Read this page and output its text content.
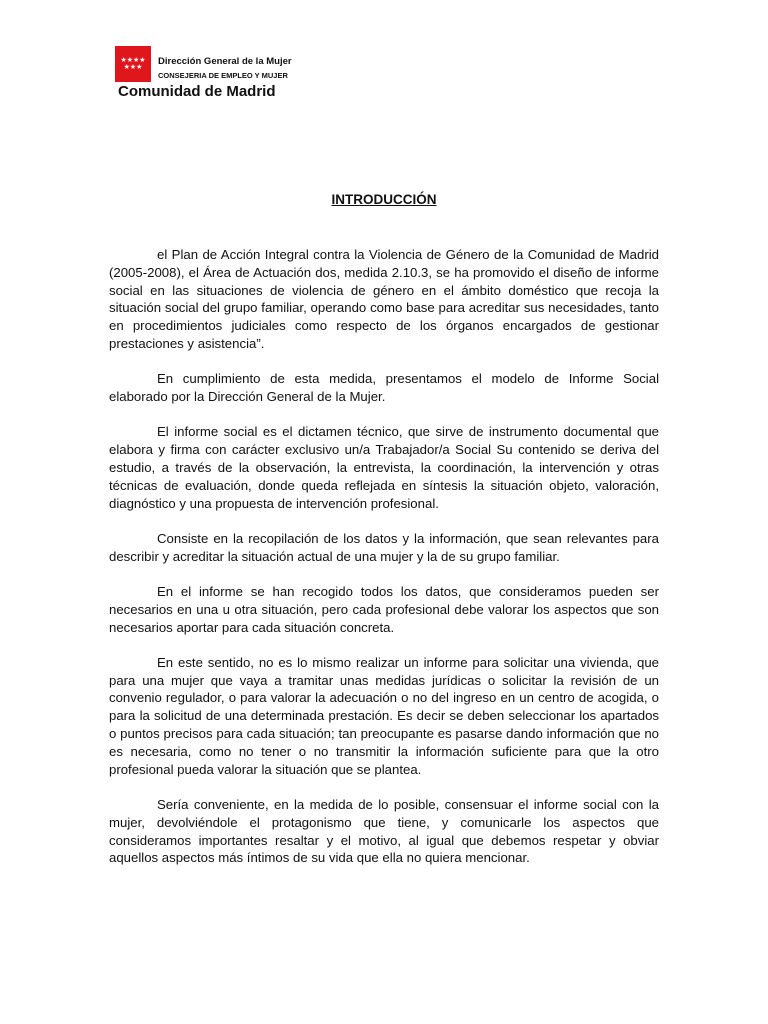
★★★★ ★★★	Dirección General de la Mujer
CONSEJERIA DE EMPLEO Y MUJER
Comunidad de Madrid
INTRODUCCIÓN

el Plan de Acción Integral contra la Violencia de Género de la Comunidad de Madrid (2005-2008), el Área de Actuación dos, medida 2.10.3, se ha promovido el diseño de informe social en las situaciones de violencia de género en el ámbito doméstico que recoja la situación social del grupo familiar, operando como base para acreditar sus necesidades, tanto en procedimientos judiciales como respecto de los órganos encargados de gestionar prestaciones y asistencia”.

En cumplimiento de esta medida, presentamos el modelo de Informe Social elaborado por la Dirección General de la Mujer.

El informe social es el dictamen técnico, que sirve de instrumento documental que elabora y firma con carácter exclusivo un/a Trabajador/a Social Su contenido se deriva del estudio, a través de la observación, la entrevista, la coordinación, la intervención y otras técnicas de evaluación, donde queda reflejada en síntesis la situación objeto, valoración, diagnóstico y una propuesta de intervención profesional.

Consiste en la recopilación de los datos y la información, que sean relevantes para describir y acreditar la situación actual de una mujer y la de su grupo familiar.

En el informe se han recogido todos los datos, que consideramos pueden ser necesarios en una u otra situación, pero cada profesional debe valorar los aspectos que son necesarios aportar para cada situación concreta.

En este sentido, no es lo mismo realizar un informe para solicitar una vivienda, que para una mujer que vaya a tramitar unas medidas jurídicas o solicitar la revisión de un convenio regulador, o para valorar la adecuación o no del ingreso en un centro de acogida, o para la solicitud de una determinada prestación. Es decir se deben seleccionar los apartados o puntos precisos para cada situación; tan preocupante es pasarse dando información que no es necesaria, como no tener o no transmitir la información suficiente para que la otro profesional pueda valorar la situación que se plantea.

Sería conveniente, en la medida de lo posible, consensuar el informe social con la mujer, devolviéndole el protagonismo que tiene, y comunicarle los aspectos que consideramos importantes resaltar y el motivo, al igual que debemos respetar y obviar aquellos aspectos más íntimos de su vida que ella no quiera mencionar.
